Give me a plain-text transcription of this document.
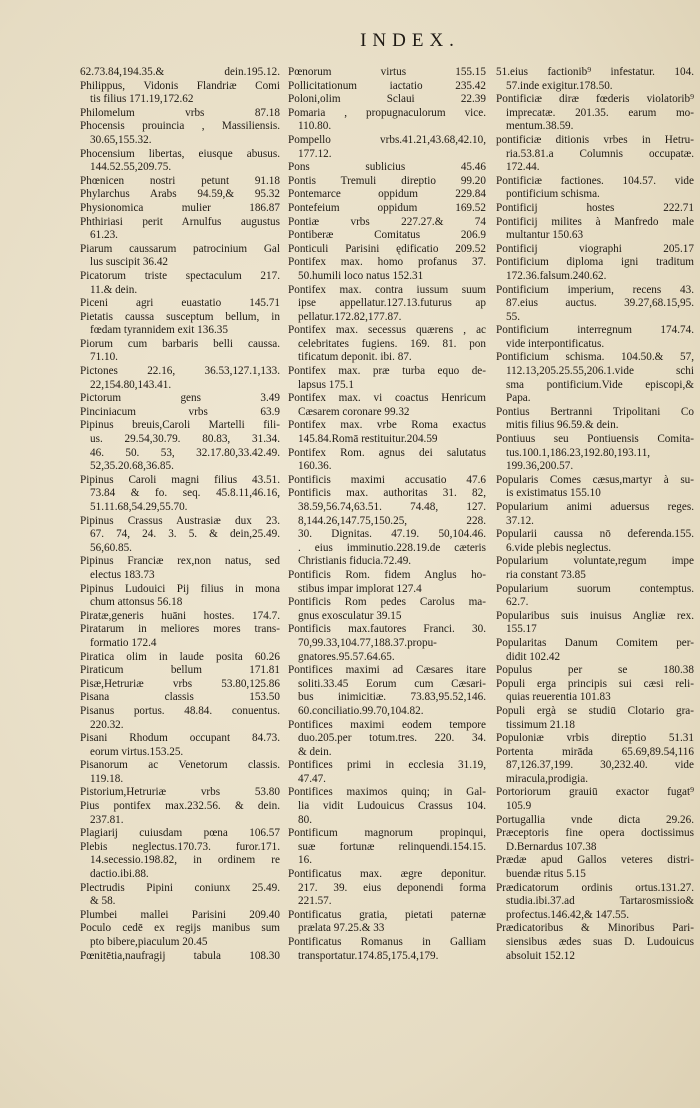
INDEX.
62.73.84,194.35.& dein.195.12.
Philippus, Vidonis Flandriæ Comi
tis filius 171.19,172.62
Philomelum vrbs 87.18
Phocensis prouincia , Massiliensis.
30.65,155.32.
Phocensium libertas, eiusque abusus.
144.52.55,209.75.
Phœnicen nostri petunt 91.18
Phylarchus Arabs 94.59,& 95.32
Physionomica mulier 186.87
Phthiriasi perit Arnulfus augustus
61.23.
Piarum caussarum patrocinium Gal
lus suscipit 36.42
Picatorum triste spectaculum 217.
11.& dein.
Piceni agri euastatio 145.71
Pietatis caussa susceptum bellum, in
fœdam tyrannidem exit 136.35
Piorum cum barbaris belli caussa.
71.10.
Pictones 22.16, 36.53,127.1,133.
22,154.80,143.41.
Pictorum gens 3.49
Pinciniacum vrbs 63.9
Pipinus breuis,Caroli Martelli fili-
us. 29.54,30.79. 80.83, 31.34.
46. 50. 53, 32.17.80,33.42.49.
52,35.20.68,36.85.
Pipinus Caroli magni filius 43.51.
73.84 & fo. seq. 45.8.11,46.16,
51.11.68,54.29,55.70.
Pipinus Crassus Austrasiæ dux 23.
67. 74, 24. 3. 5. & dein,25.49.
56,60.85.
Pipinus Franciæ rex,non natus, sed
electus 183.73
Pipinus Ludouici Pij filius in mona
chum attonsus 56.18
Piratæ,generis huāni hostes. 174.7.
Piratarum in meliores mores trans-
formatio 172.4
Piratica olim in laude posita 60.26
Piraticum bellum 171.81
Pisæ,Hetruriæ vrbs 53.80,125.86
Pisana classis 153.50
Pisanus portus. 48.84. conuentus.
220.32.
Pisani Rhodum occupant 84.73.
eorum virtus.153.25.
Pisanorum ac Venetorum classis.
119.18.
Pistorium,Hetruriæ vrbs 53.80
Pius pontifex max.232.56. & dein.
237.81.
Plagiarij cuiusdam pœna 106.57
Plebis neglectus.170.73. furor.171.
14.secessio.198.82, in ordinem re
dactio.ibi.88.
Plectrudis Pipini coniunx 25.49.
& 58.
Plumbei mallei Parisini 209.40
Poculo cedē ex regijs manibus sum
pto bibere,piaculum 20.45
Pœnitētia,naufragij tabula 108.30
Pœnorum virtus 155.15
Pollicitationum iactatio 235.42
Poloni,olim Sclaui 22.39
Pomaria , propugnaculorum vice.
110.80.
Pompello vrbs.41.21,43.68,42.10,
177.12.
Pons sublicius 45.46
Pontis Tremuli direptio 99.20
Pontemarce oppidum 229.84
Pontefeium oppidum 169.52
Pontiæ vrbs 227.27.& 74
Pontiberæ Comitatus 206.9
Ponticuli Parisini ędificatio 209.52
Pontifex max. homo profanus 37.
50.humili loco natus 152.31
Pontifex max. contra iussum suum
ipse appellatur.127.13.futurus ap
pellatur.172.82,177.87.
Pontifex max. secessus quærens , ac
celebritates fugiens. 169. 81. pon
tificatum deponit. ibi. 87.
Pontifex max. præ turba equo de-
lapsus 175.1
Pontifex max. vi coactus Henricum
Cæsarem coronare 99.32
Pontifex max. vrbe Roma exactus
145.84.Romā restituitur.204.59
Pontifex Rom. agnus dei salutatus
160.36.
Pontificis maximi accusatio 47.6
Pontificis max. authoritas 31. 82,
38.59,56.74,63.51. 74.48, 127.
8,144.26,147.75,150.25, 228.
30. Dignitas. 47.19. 50,104.46.
. eius imminutio.228.19.de cæteris
Christianis fiducia.72.49.
Pontificis Rom. fidem Anglus ho-
stibus impar implorat 127.4
Pontificis Rom pedes Carolus ma-
gnus exosculatur 39.15
Pontificis max.fautores Franci. 30.
70,99.33,104.77,188.37.propu-
gnatores.95.57.64.65.
Pontifices maximi ad Cæsares itare
soliti.33.45 Eorum cum Cæsari-
bus inimicitiæ. 73.83,95.52,146.
60.conciliatio.99.70,104.82.
Pontifices maximi eodem tempore
duo.205.per totum.tres. 220. 34.
& dein.
Pontifices primi in ecclesia 31.19,
47.47.
Pontifices maximos quinq; in Gal-
lia vidit Ludouicus Crassus 104.
80.
Pontificum magnorum propinqui,
suæ fortunæ relinquendi.154.15.
16.
Pontificatus max. ægre deponitur.
217. 39. eius deponendi forma
221.57.
Pontificatus gratia, pietati paternæ
prælata 97.25.& 33
Pontificatus Romanus in Galliam
transportatur.174.85,175.4,179.
51.eius factionib⁹ infestatur. 104.
57.inde exigitur.178.50.
Pontificiæ diræ fœderis violatorib⁹
imprecatæ. 201.35. earum mo-
mentum.38.59.
pontificiæ ditionis vrbes in Hetru-
ria.53.81.a Columnis occupatæ.
172.44.
Pontificiæ factiones. 104.57. vide
pontificium schisma.
Pontificij hostes 222.71
Pontificij milites à Manfredo male
multantur 150.63
Pontificij viographi 205.17
Pontificium diploma igni traditum
172.36.falsum.240.62.
Pontificium imperium, recens 43.
87.eius auctus. 39.27,68.15,95.
55.
Pontificium interregnum 174.74.
vide interpontificatus.
Pontificium schisma. 104.50.& 57,
112.13,205.25.55,206.1.vide schi
sma pontificium.Vide episcopi,&
Papa.
Pontius Bertranni Tripolitani Co
mitis filius 96.59.& dein.
Pontiuus seu Pontiuensis Comita-
tus.100.1,186.23,192.80,193.11,
199.36,200.57.
Popularis Comes cæsus,martyr à su-
is existimatus 155.10
Popularium animi aduersus reges.
37.12.
Popularii caussa nō deferenda.155.
6.vide plebis neglectus.
Popularium voluntate,regum impe
ria constant 73.85
Popularium suorum contemptus.
62.7.
Popularibus suis inuisus Angliæ rex.
155.17
Popularitas Danum Comitem per-
didit 102.42
Populus per se 180.38
Populi erga principis sui cæsi reli-
quias reuerentia 101.83
Populi ergà se studiū Clotario gra-
tissimum 21.18
Populoniæ vrbis direptio 51.31
Portenta mirāda 65.69,89.54,116
87,126.37,199. 30,232.40. vide
miracula,prodigia.
Portoriorum grauiū exactor fugat⁹
105.9
Portugallia vnde dicta 29.26.
Præceptoris fine opera doctissimus
D.Bernardus 107.38
Prædæ apud Gallos veteres distri-
buendæ ritus 5.15
Prædicatorum ordinis ortus.131.27.
studia.ibi.37.ad Tartarosmissio&
profectus.146.42,& 147.55.
Prædicatoribus & Minoribus Pari-
siensibus ædes suas D. Ludouicus
absoluit 152.12
